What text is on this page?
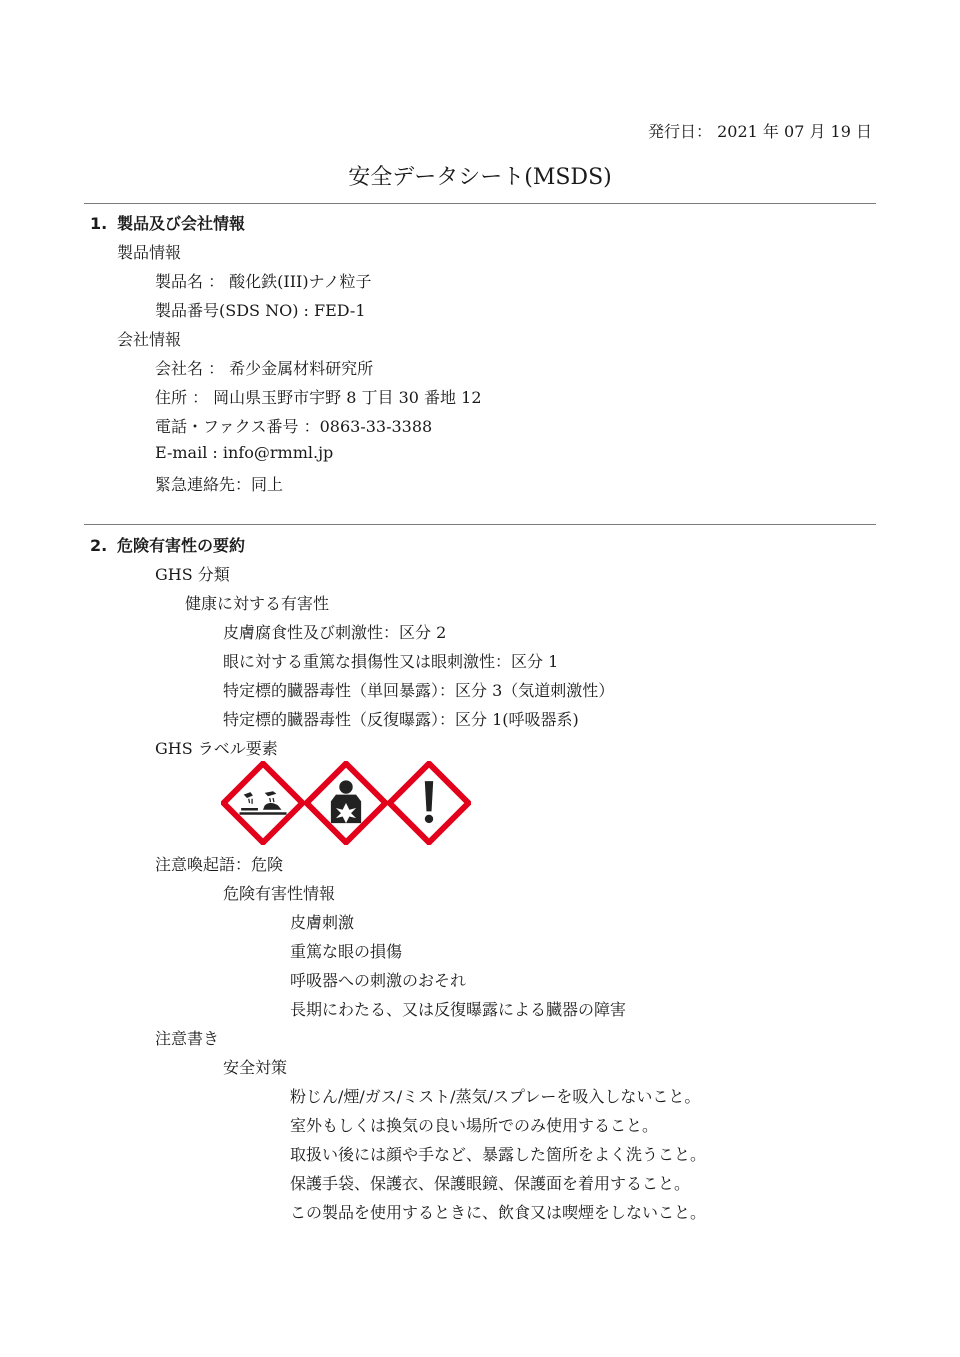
発行日： 2021 年 07 月 19 日
安全データシート(MSDS)
1. 製品及び会社情報
製品情報
製品名 ： 酸化鉄(III)ナノ粒子
製品番号(SDS NO) : FED-1
会社情報
会社名 ： 希少金属材料研究所
住所 ： 岡山県玉野市宇野 8 丁目 30 番地 12
電話・ファクス番号 ：0863-33-3388
E-mail : info@rmml.jp
緊急連絡先：同上
2. 危険有害性の要約
GHS 分類
健康に対する有害性
皮膚腐食性及び刺激性：区分 2
眼に対する重篤な損傷性又は眼刺激性：区分 1
特定標的臓器毒性（単回暴露）：区分 3（気道刺激性）
特定標的臓器毒性（反復曝露）：区分 1(呼吸器系)
GHS ラベル要素
注意喚起語：危険
危険有害性情報
皮膚刺激
重篤な眼の損傷
呼吸器への刺激のおそれ
長期にわたる、又は反復曝露による臓器の障害
注意書き
安全対策
粉じん/煙/ガス/ミスト/蒸気/スプレーを吸入しないこと。
室外もしくは換気の良い場所でのみ使用すること。
取扱い後には顔や手など、暴露した箇所をよく洗うこと。
保護手袋、保護衣、保護眼鏡、保護面を着用すること。
この製品を使用するときに、飲食又は喫煙をしないこと。
